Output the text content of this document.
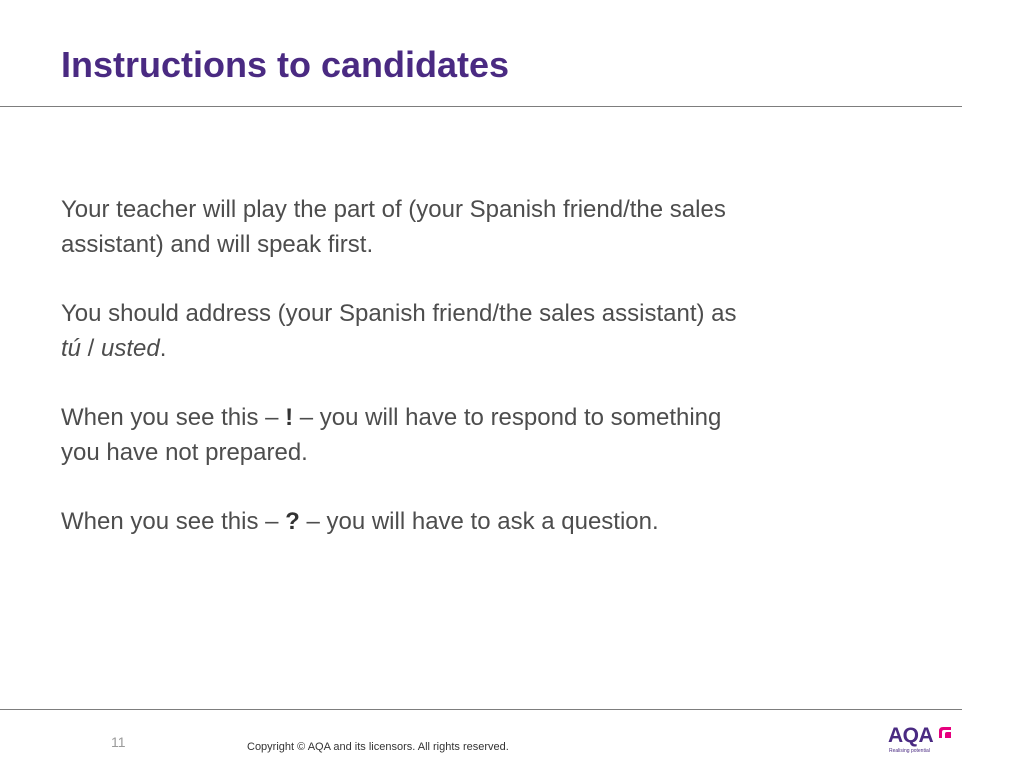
Instructions to candidates

Your teacher will play the part of (your Spanish friend/the sales assistant) and will speak first.

You should address (your Spanish friend/the sales assistant) as tú / usted.

When you see this – ! – you will have to respond to something you have not prepared.

When you see this – ? – you will have to ask a question.

11	Copyright © AQA and its licensors. All rights reserved.	AQA
Realising potential
